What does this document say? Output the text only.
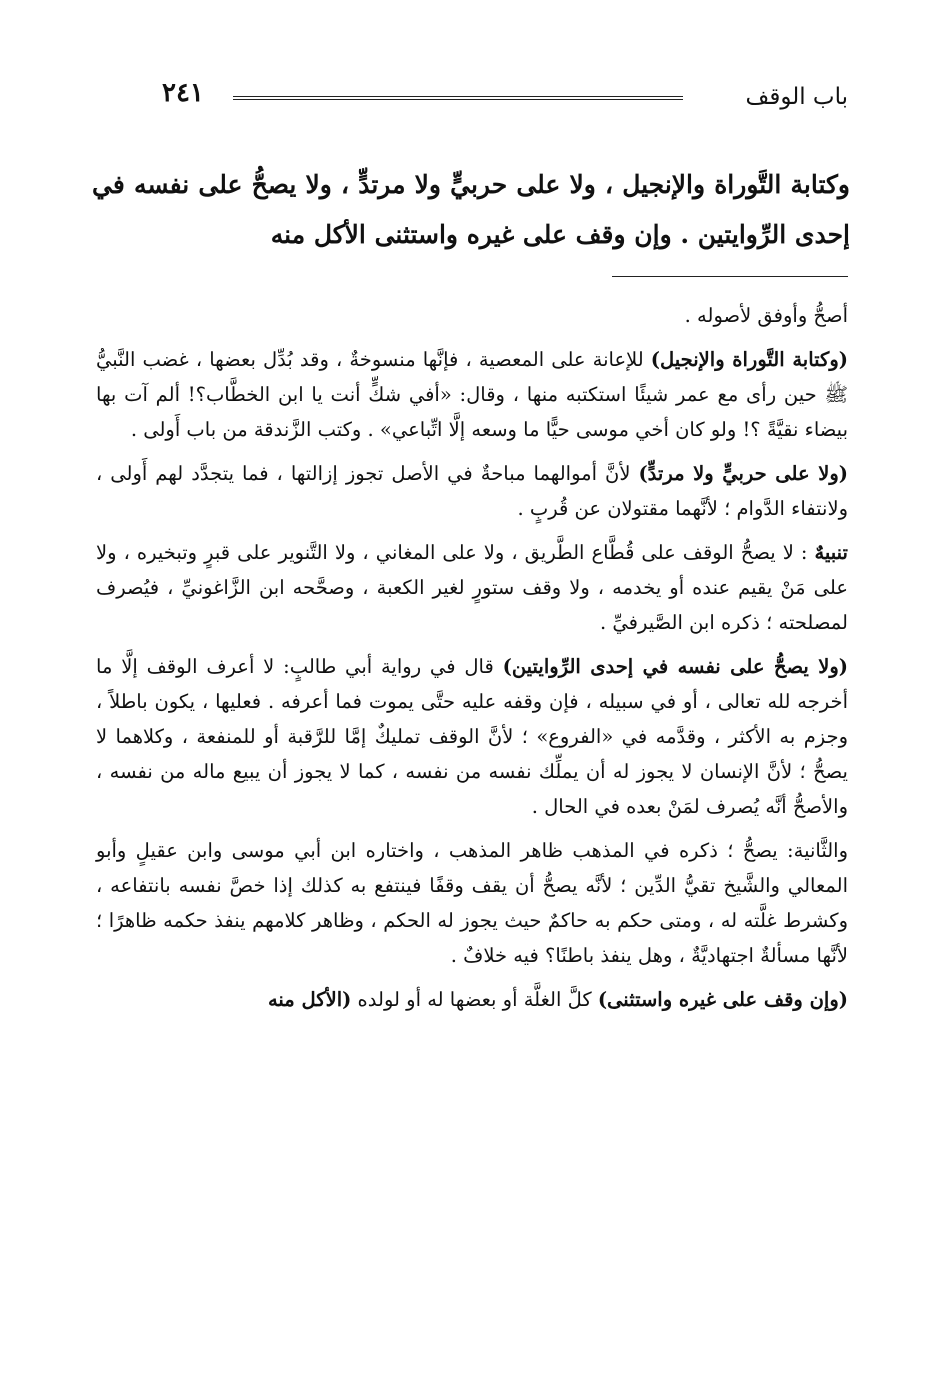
٢٤١	باب الوقف

وكتابة التَّوراة والإنجيل ، ولا على حربيٍّ ولا مرتدٍّ ، ولا يصحُّ على نفسه في إحدى الرِّوايتين . وإن وقف على غيره واستثنى الأكل منه

أصحُّ وأوفق لأصوله .

(وكتابة التَّوراة والإنجيل) للإعانة على المعصية ، فإنَّها منسوخةٌ ، وقد بُدِّل بعضها ، غضب النَّبيُّ ﷺ حين رأى مع عمر شيئًا استكتبه منها ، وقال: «أفي شكٍّ أنت يا ابن الخطَّاب؟! ألم آت بها بيضاء نقيَّةً ؟! ولو كان أخي موسى حيًّا ما وسعه إلَّا اتِّباعي» . وكتب الزَّندقة من باب أَولى .

(ولا على حربيٍّ ولا مرتدٍّ) لأنَّ أموالهما مباحةٌ في الأصل تجوز إزالتها ، فما يتجدَّد لهم أَولى ، ولانتفاء الدَّوام ؛ لأنَّهما مقتولان عن قُربٍ .

تنبيهٌ : لا يصحُّ الوقف على قُطَّاع الطَّريق ، ولا على المغاني ، ولا التَّنوير على قبرٍ وتبخيره ، ولا على مَنْ يقيم عنده أو يخدمه ، ولا وقف ستورٍ لغير الكعبة ، وصحَّحه ابن الزَّاغونيِّ ، فيُصرف لمصلحته ؛ ذكره ابن الصَّيرفيِّ .

(ولا يصحُّ على نفسه في إحدى الرِّوايتين) قال في رواية أبي طالبٍ: لا أعرف الوقف إلَّا ما أخرجه لله تعالى ، أو في سبيله ، فإن وقفه عليه حتَّى يموت فما أعرفه . فعليها ، يكون باطلاً ، وجزم به الأكثر ، وقدَّمه في «الفروع» ؛ لأنَّ الوقف تمليكٌ إمَّا للرَّقبة أو للمنفعة ، وكلاهما لا يصحُّ ؛ لأنَّ الإنسان لا يجوز له أن يملِّك نفسه من نفسه ، كما لا يجوز أن يبيع ماله من نفسه ، والأصحُّ أنَّه يُصرف لمَنْ بعده في الحال .

والثَّانية: يصحُّ ؛ ذكره في المذهب ظاهر المذهب ، واختاره ابن أبي موسى وابن عقيلٍ وأبو المعالي والشَّيخ تقيُّ الدِّين ؛ لأنَّه يصحُّ أن يقف وقفًا فينتفع به كذلك إذا خصَّ نفسه بانتفاعه ، وكشرط غلَّته له ، ومتى حكم به حاكمٌ حيث يجوز له الحكم ، وظاهر كلامهم ينفذ حكمه ظاهرًا ؛ لأنَّها مسألةٌ اجتهاديَّةٌ ، وهل ينفذ باطنًا؟ فيه خلافٌ .

(وإن وقف على غيره واستثنى) كلَّ الغلَّة أو بعضها له أو لولده (الأكل منه
